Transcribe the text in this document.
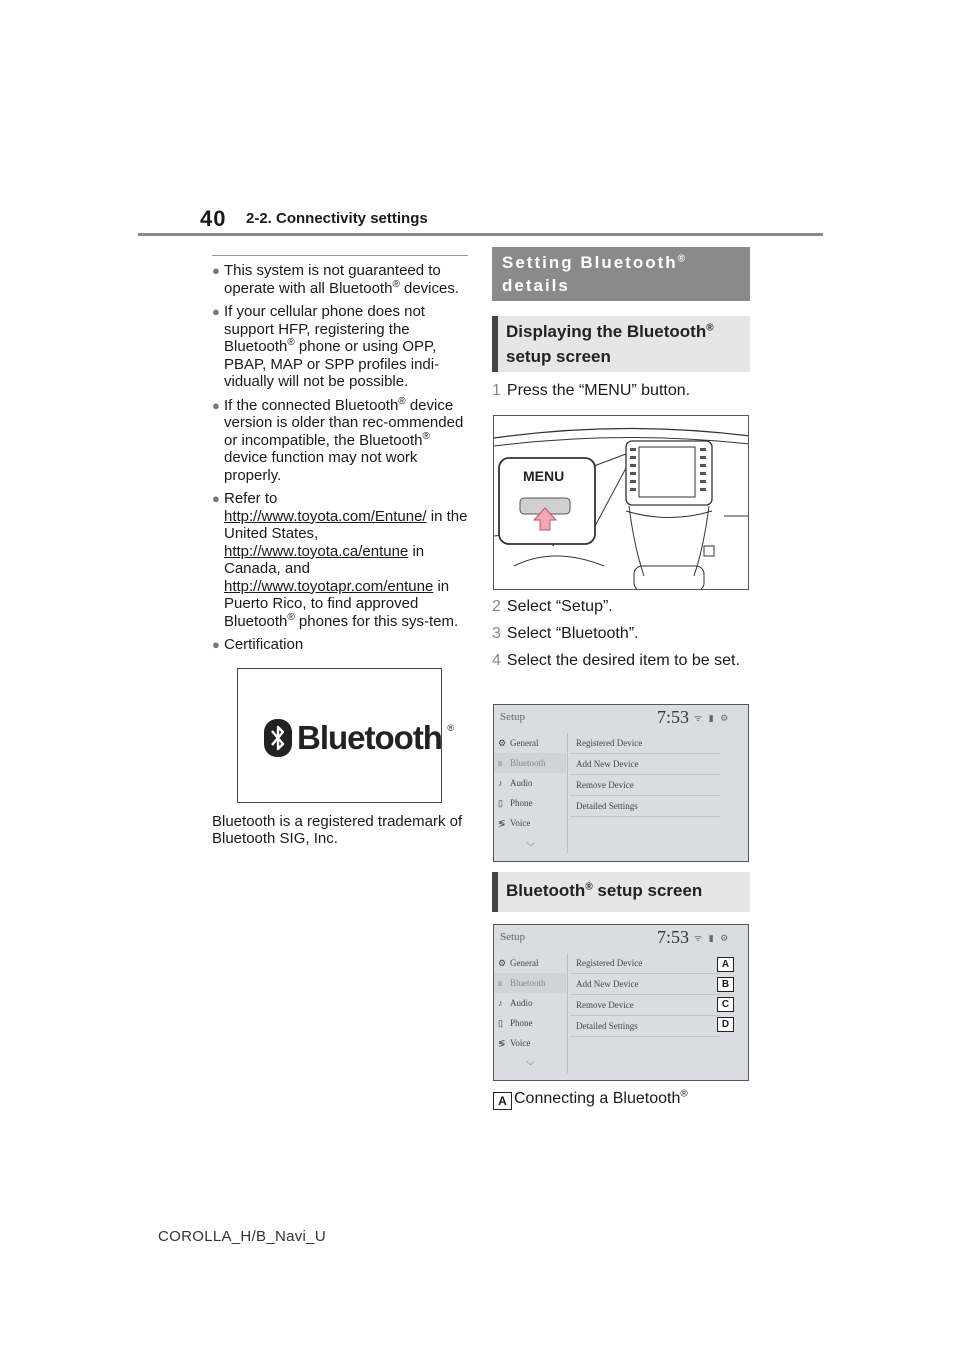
40 2-2. Connectivity settings
● This system is not guaranteed to operate with all Bluetooth® devices.
● If your cellular phone does not support HFP, registering the Bluetooth® phone or using OPP, PBAP, MAP or SPP profiles indi-vidually will not be possible.
● If the connected Bluetooth® device version is older than rec-ommended or incompatible, the Bluetooth® device function may not work properly.
● Refer to
http://www.toyota.com/Entune/ in the United States,
http://www.toyota.ca/entune in Canada, and
http://www.toyotapr.com/entune in Puerto Rico, to find approved Bluetooth® phones for this sys-tem.
● Certification
Bluetooth ®
Bluetooth is a registered trademark of Bluetooth SIG, Inc.
Setting Bluetooth®
details
Displaying the Bluetooth®
setup screen
1 Press the “MENU” button.
MENU
2 Select “Setup”.
3 Select “Bluetooth”.
4 Select the desired item to be set.
Setup	7:53 ᯤ ▮ ⚙
⚙ General
ʙ Bluetooth
♪ Audio
▯ Phone
≶ Voice
Registered Device
Add New Device
Remove Device
Detailed Settings
﹀
Bluetooth® setup screen
Setup	7:53 ᯤ ▮ ⚙
⚙ General
ʙ Bluetooth
♪ Audio
▯ Phone
≶ Voice
Registered Device
Add New Device
Remove Device
Detailed Settings
A
B
C
D
﹀
A Connecting a Bluetooth®
COROLLA_H/B_Navi_U
